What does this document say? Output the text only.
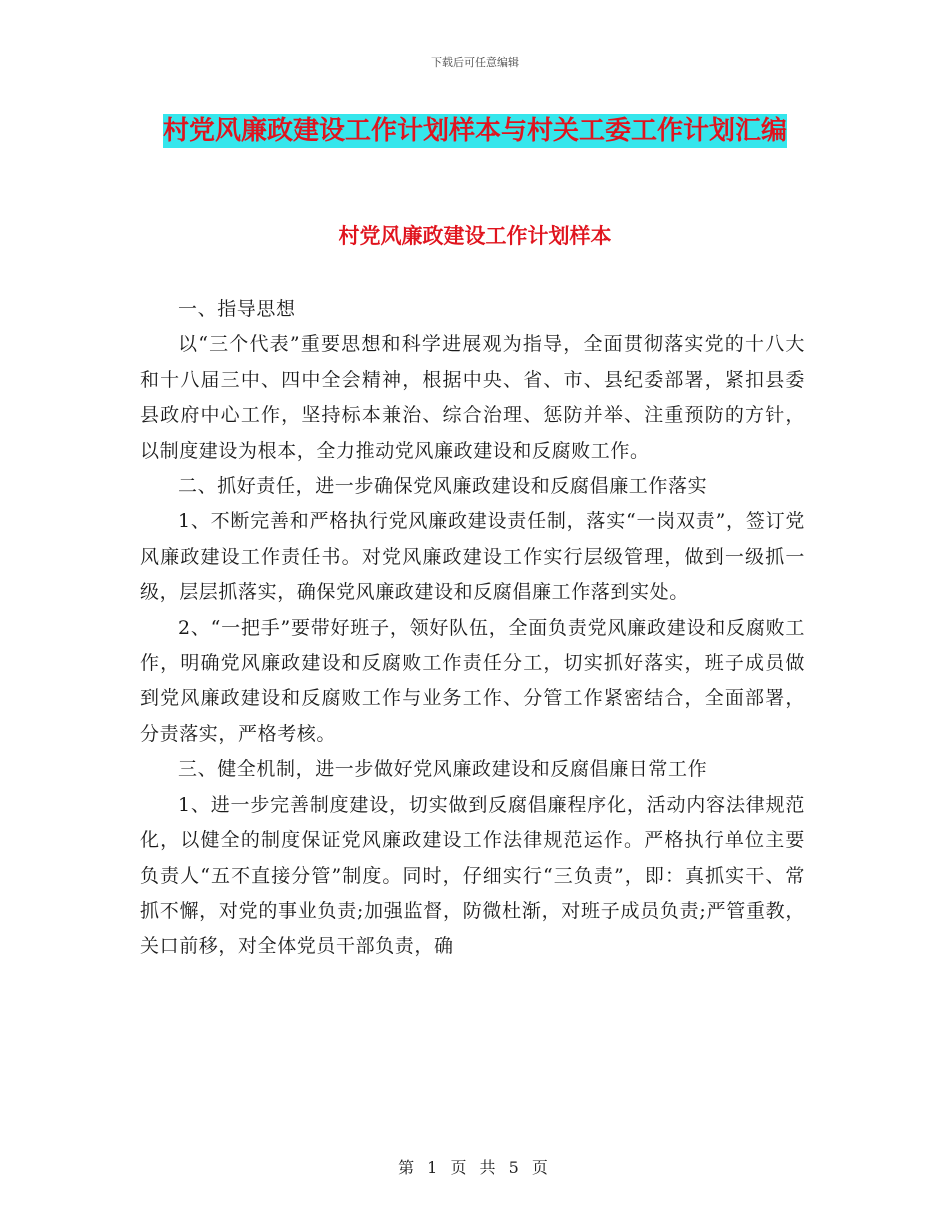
下载后可任意编辑
村党风廉政建设工作计划样本与村关工委工作计划汇编
村党风廉政建设工作计划样本

一、指导思想

以“三个代表”重要思想和科学进展观为指导，全面贯彻落实党的十八大和十八届三中、四中全会精神，根据中央、省、市、县纪委部署，紧扣县委县政府中心工作，坚持标本兼治、综合治理、惩防并举、注重预防的方针，以制度建设为根本，全力推动党风廉政建设和反腐败工作。

二、抓好责任，进一步确保党风廉政建设和反腐倡廉工作落实

1、不断完善和严格执行党风廉政建设责任制，落实“一岗双责”，签订党风廉政建设工作责任书。对党风廉政建设工作实行层级管理，做到一级抓一级，层层抓落实，确保党风廉政建设和反腐倡廉工作落到实处。

2、“一把手”要带好班子，领好队伍，全面负责党风廉政建设和反腐败工作，明确党风廉政建设和反腐败工作责任分工，切实抓好落实，班子成员做到党风廉政建设和反腐败工作与业务工作、分管工作紧密结合，全面部署，分责落实，严格考核。

三、健全机制，进一步做好党风廉政建设和反腐倡廉日常工作

1、进一步完善制度建设，切实做到反腐倡廉程序化，活动内容法律规范化，以健全的制度保证党风廉政建设工作法律规范运作。严格执行单位主要负责人“五不直接分管”制度。同时，仔细实行“三负责”，即：真抓实干、常抓不懈，对党的事业负责;加强监督，防微杜渐，对班子成员负责;严管重教，关口前移，对全体党员干部负责，确

第 1 页 共 5 页
